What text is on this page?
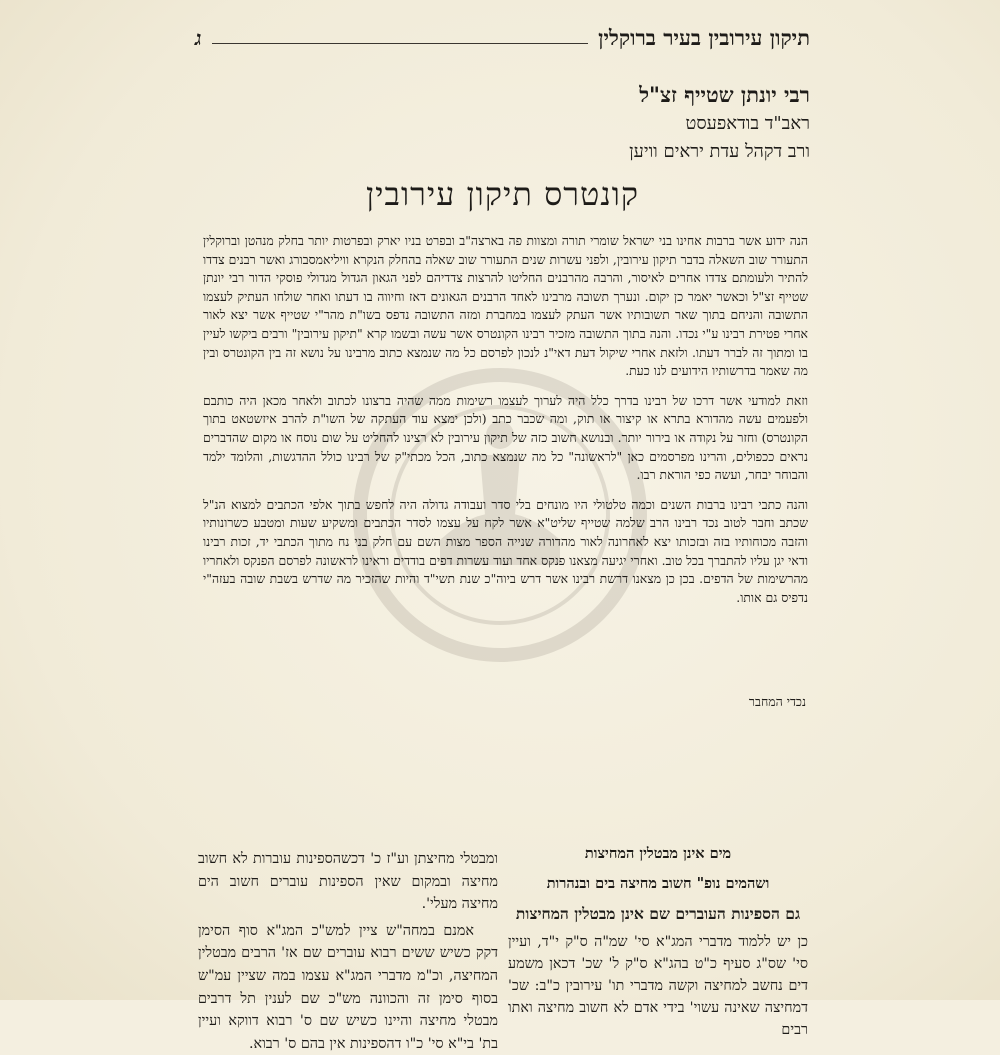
תיקון עירובין בעיר ברוקלין
ג
רבי יונתן שטייף זצ"ל
ראב"ד בודאפעסט
ורב דקהל עדת יראים וויען
קונטרס תיקון עירובין

הנה ידוע אשר ברבות אחינו בני ישראל שומרי תורה ומצוות פה בארצה"ב ובפרט בניו יארק ובפרטות יותר בחלק מנהטן וברוקלין התעורר שוב השאלה בדבר תיקון עירובין, ולפני עשרות שנים התעורר שוב שאלה בהחלק הנקרא וויליאמסבורג ואשר רבנים צדדו להתיר ולעומתם צדדו אחרים לאיסור, והרבה מהרבנים החליטו להרצות צדדיהם לפני הגאון הגדול מגדולי פוסקי הדור רבי יונתן שטייף זצ"ל וכאשר יאמר כן יקום. ונערך תשובה מרבינו לאחד הרבנים הגאונים דאז וחיווה בו דעתו ואחר שולחו העתיק לעצמו התשובה והניחם בתוך שאר תשובותיו אשר העתק לעצמו במחברת ומזה התשובה נדפס בשו"ת מהר"י שטייף אשר יצא לאור אחרי פטירת רבינו ע"י נכדו. והנה בתוך התשובה מזכיר רבינו הקונטרס אשר עשה ובשמו קרא "תיקון עירובין" ורבים ביקשו לעיין בו ומתוך זה לברר דעתו. ולזאת אחרי שיקול דעת דאי"נ לנכון לפרסם כל מה שנמצא כתוב מרבינו על נושא זה בין הקונטרס ובין מה שאמר בדרשותיו הידועים לנו כעת.

וזאת למודעי אשר דרכו של רבינו בדרך כלל היה לערוך לעצמו רשימות ממה שהיה ברצונו לכתוב ולאחר מכאן היה כותבם ולפעמים עשה מהדורא בתרא או קיצור או תוק, ומה שכבר כתב (ולכן ימצא עוד העתקה של השו"ת להרב איזשטאט בתוך הקונטרס) וחזר על נקודה או בירור יותר. ובנושא חשוב כזה של תיקון עירובין לא רצינו להחליט על שום נוסח או מקום שהדברים נראים ככפולים, והרינו מפרסמים כאן "לראשונה" כל מה שנמצא כתוב, הכל מכתי"ק של רבינו כולל ההדגשות, והלומד ילמד והבוחר יבחר, ועשה כפי הוראת רבו.

והנה כתבי רבינו ברבות השנים וכמה טלטולי היו מונחים בלי סדר ועבודה גדולה היה לחפש בתוך אלפי הכתבים למצוא הנ"ל שכתב וחבר לטוב נכד רבינו הרב שלמה שטייף שליט"א אשר לקח על עצמו לסדר הכתבים ומשקיע שעות ומטבע כשרונותיו והזבה מכוחותיו בזה ובזכותו יצא לאחרונה לאור מהדורה שנייה הספר מצות השם עם חלק בני נח מתוך הכתבי יד, זכות רבינו ודאי יגן עליו להתברך בכל טוב. ואחרי יגיעה מצאנו פנקס אחד ועוד עשרות דפים בודדים וראינו לראשונה לפרסם הפנקס ולאחריו מהרשימות של הדפים. בכן כן מצאנו דרשת רבינו אשר דרש ביוה"כ שנת תשי"ד והיות שהזכיר מה שדרש בשבת שובה בעזה"י נדפיס גם אותו.

נכדי המחבר
מים אינן מבטלין המחיצות
ושהמים נופ" חשוב מחיצה בים ובנהרות
גם הספינות העוברים שם אינן מבטלין המחיצות

כן יש ללמוד מדברי המג"א סי' שמ"ה ס"ק י"ד, ועיין סי' שס"ג סעיף כ"ט בהג"א ס"ק ל' שכ' דכאן משמע דים נחשב למחיצה וקשה מדברי תו' עירובין כ"ב: שכ' דמחיצה שאינה עשוי' בידי אדם לא חשוב מחיצה ואתו רבים

ומבטלי מחיצתן וע"ז כ' דכשהספינות עוברות לא חשוב מחיצה ובמקום שאין הספינות עוברים חשוב הים מחיצה מעלי'.

אמנם במחה"ש ציין למש"כ המג"א סוף הסימן דקק כשיש ששים רבוא עוברים שם אז' הרבים מבטלין המחיצה, וכ"מ מדברי המג"א עצמו במה שציין עמ"ש בסוף סימן זה והכוונה מש"כ שם לענין תל דרבים מבטלי מחיצה והיינו כשיש שם ס' רבוא דווקא ועיין בת' בי"א סי' כ"ו דהספינות אין בהם ס' רבוא.
